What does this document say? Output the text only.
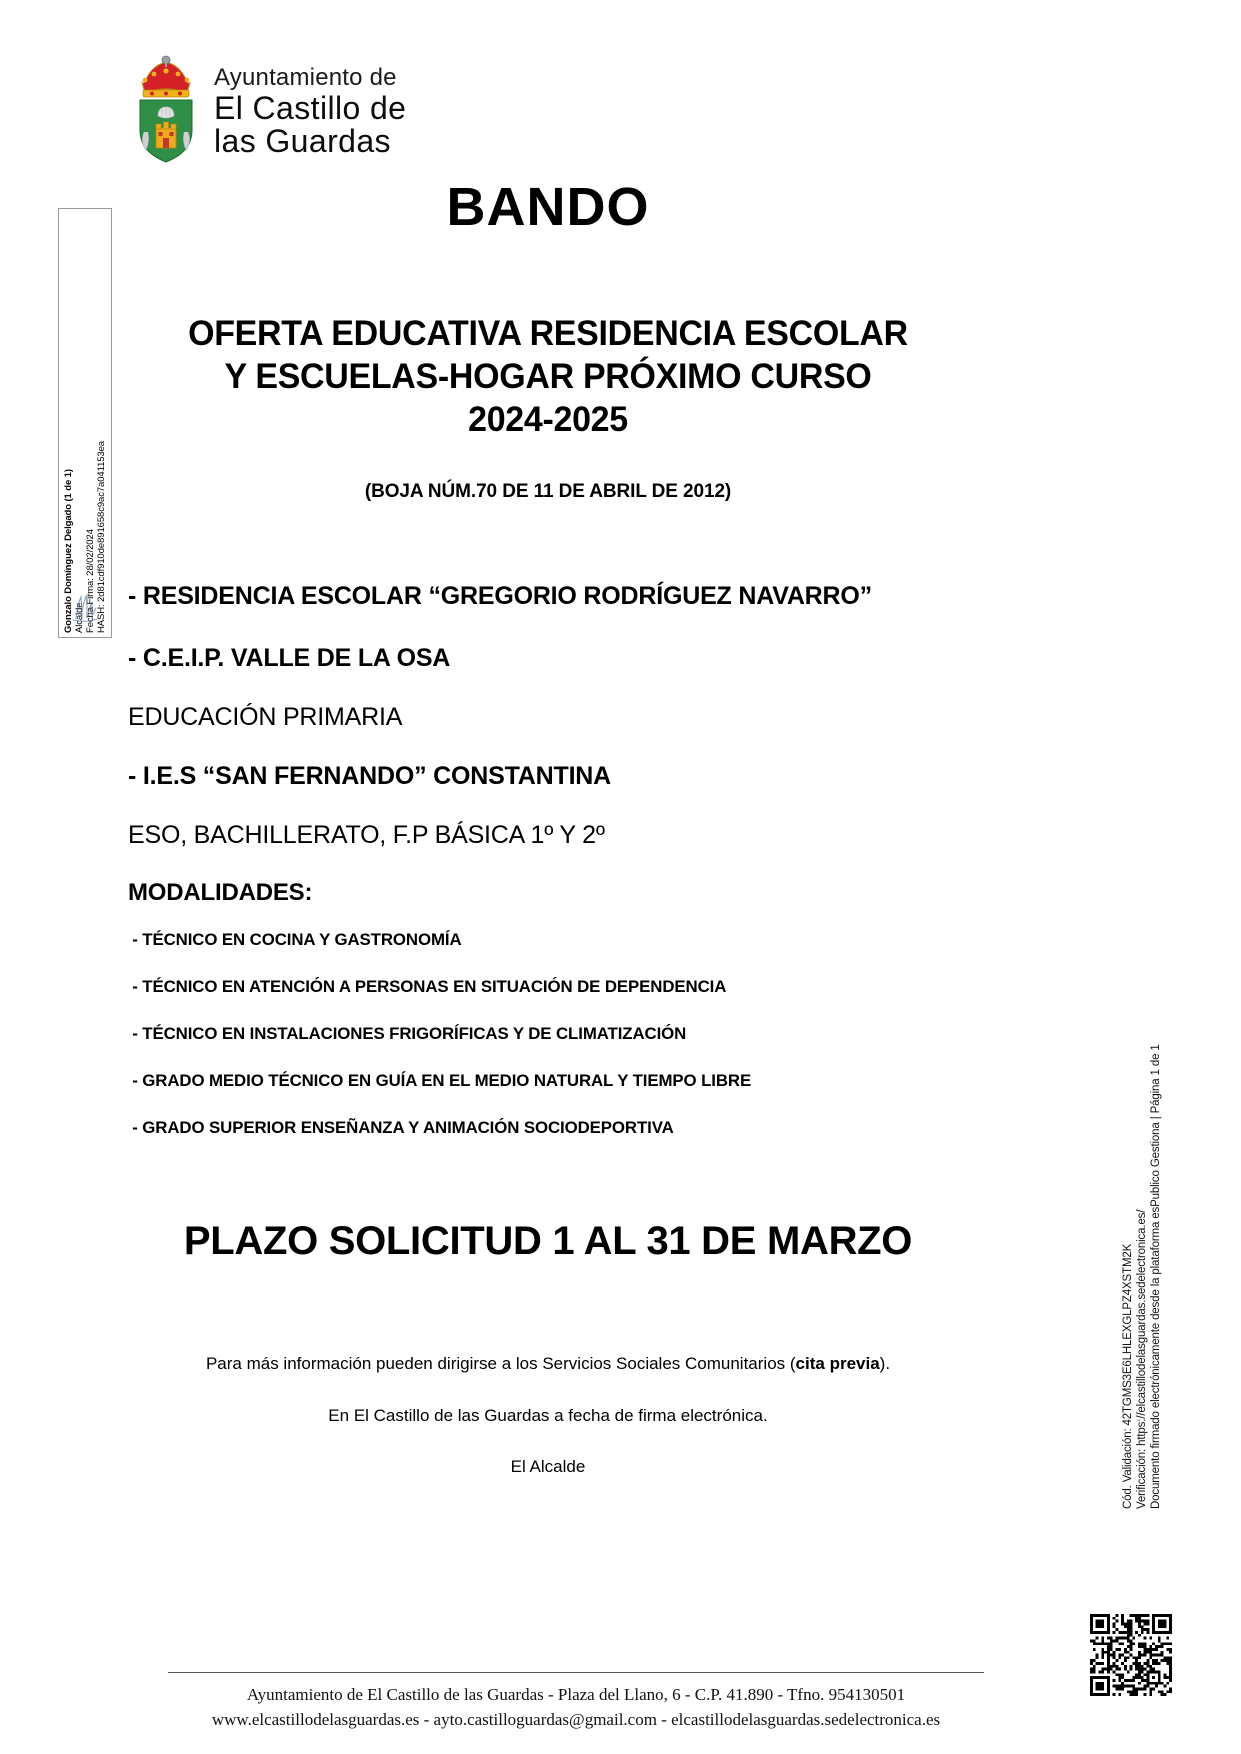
Ayuntamiento de
El Castillo de
las Guardas
Gonzalo Domínguez Delgado (1 de 1) Alcalde Fecha Firma: 28/02/2024 HASH: 2d81cdf910de891658c9ac7a041153ea
Cód. Validación: 42TGMS3E6LHLEXGLPZ4XSTM2K Verificación: https://elcastillodelasguardas.sedelectronica.es/ Documento firmado electrónicamente desde la plataforma esPublico Gestiona | Página 1 de 1
BANDO
OFERTA EDUCATIVA RESIDENCIA ESCOLAR
Y ESCUELAS-HOGAR PRÓXIMO CURSO
2024-2025
(BOJA NÚM.70 DE 11 DE ABRIL DE 2012)

- RESIDENCIA ESCOLAR “GREGORIO RODRÍGUEZ NAVARRO”

- C.E.I.P. VALLE DE LA OSA

EDUCACIÓN PRIMARIA

- I.E.S “SAN FERNANDO” CONSTANTINA

ESO, BACHILLERATO, F.P BÁSICA 1º Y 2º

MODALIDADES:

- TÉCNICO EN COCINA Y GASTRONOMÍA

- TÉCNICO EN ATENCIÓN A PERSONAS EN SITUACIÓN DE DEPENDENCIA

- TÉCNICO EN INSTALACIONES FRIGORÍFICAS Y DE CLIMATIZACIÓN

- GRADO MEDIO TÉCNICO EN GUÍA EN EL MEDIO NATURAL Y TIEMPO LIBRE

- GRADO SUPERIOR ENSEÑANZA Y ANIMACIÓN SOCIODEPORTIVA

PLAZO SOLICITUD 1 AL 31 DE MARZO

Para más información pueden dirigirse a los Servicios Sociales Comunitarios (cita previa).

En El Castillo de las Guardas a fecha de firma electrónica.

El Alcalde

Ayuntamiento de El Castillo de las Guardas - Plaza del Llano, 6 - C.P. 41.890 - Tfno. 954130501
www.elcastillodelasguardas.es - ayto.castilloguardas@gmail.com - elcastillodelasguardas.sedelectronica.es
